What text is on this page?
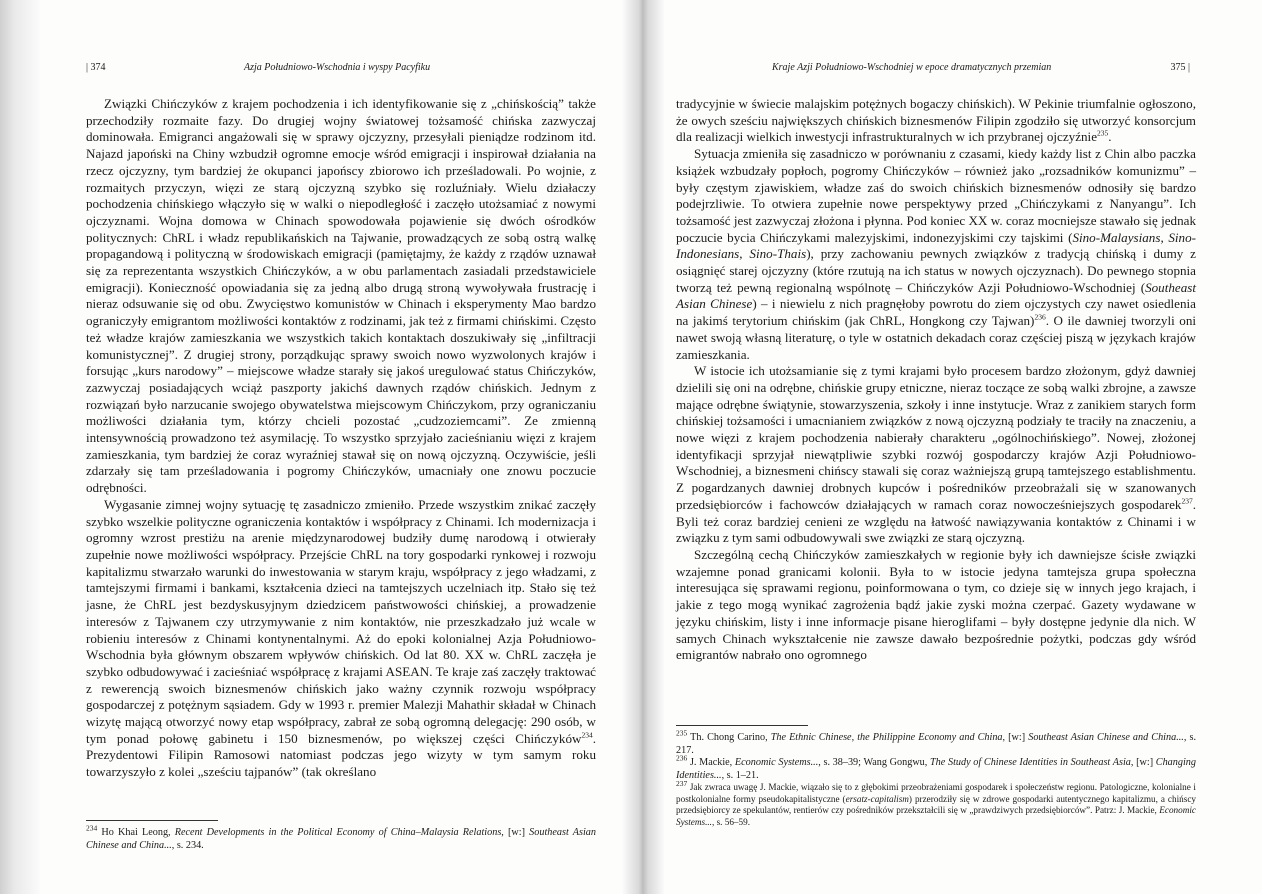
| 374	Azja Południowo-Wschodnia i wyspy Pacyfiku

Związki Chińczyków z krajem pochodzenia i ich identyfikowanie się z „chińskością” także przechodziły rozmaite fazy. Do drugiej wojny światowej tożsamość chińska zazwyczaj dominowała. Emigranci angażowali się w sprawy ojczyzny, przesyłali pieniądze rodzinom itd. Najazd japoński na Chiny wzbudził ogromne emocje wśród emigracji i inspirował działania na rzecz ojczyzny, tym bardziej że okupanci japońscy zbiorowo ich prześladowali. Po wojnie, z rozmaitych przyczyn, więzi ze starą ojczyzną szybko się rozluźniały. Wielu działaczy pochodzenia chińskiego włączyło się w walki o niepodległość i zaczęło utożsamiać z nowymi ojczyznami. Wojna domowa w Chinach spowodowała pojawienie się dwóch ośrodków politycznych: ChRL i władz republikańskich na Tajwanie, prowadzących ze sobą ostrą walkę propagandową i polityczną w środowiskach emigracji (pamiętajmy, że każdy z rządów uznawał się za reprezentanta wszystkich Chińczyków, a w obu parlamentach zasiadali przedstawiciele emigracji). Konieczność opowiadania się za jedną albo drugą stroną wywoływała frustrację i nieraz odsuwanie się od obu. Zwycięstwo komunistów w Chinach i eksperymenty Mao bardzo ograniczyły emigrantom możliwości kontaktów z rodzinami, jak też z firmami chińskimi. Często też władze krajów zamieszkania we wszystkich takich kontaktach doszukiwały się „infiltracji komunistycznej”. Z drugiej strony, porządkując sprawy swoich nowo wyzwolonych krajów i forsując „kurs narodowy” – miejscowe władze starały się jakoś uregulować status Chińczyków, zazwyczaj posiadających wciąż paszporty jakichś dawnych rządów chińskich. Jednym z rozwiązań było narzucanie swojego obywatelstwa miejscowym Chińczykom, przy ograniczaniu możliwości działania tym, którzy chcieli pozostać „cudzoziemcami”. Ze zmienną intensywnością prowadzono też asymilację. To wszystko sprzyjało zacieśnianiu więzi z krajem zamieszkania, tym bardziej że coraz wyraźniej stawał się on nową ojczyzną. Oczywiście, jeśli zdarzały się tam prześladowania i pogromy Chińczyków, umacniały one znowu poczucie odrębności.

Wygasanie zimnej wojny sytuację tę zasadniczo zmieniło. Przede wszystkim znikać zaczęły szybko wszelkie polityczne ograniczenia kontaktów i współpracy z Chinami. Ich modernizacja i ogromny wzrost prestiżu na arenie międzynarodowej budziły dumę narodową i otwierały zupełnie nowe możliwości współpracy. Przejście ChRL na tory gospodarki rynkowej i rozwoju kapitalizmu stwarzało warunki do inwestowania w starym kraju, współpracy z jego władzami, z tamtejszymi firmami i bankami, kształcenia dzieci na tamtejszych uczelniach itp. Stało się też jasne, że ChRL jest bezdyskusyjnym dziedzicem państwowości chińskiej, a prowadzenie interesów z Tajwanem czy utrzymywanie z nim kontaktów, nie przeszkadzało już wcale w robieniu interesów z Chinami kontynentalnymi. Aż do epoki kolonialnej Azja Południowo-Wschodnia była głównym obszarem wpływów chińskich. Od lat 80. XX w. ChRL zaczęła je szybko odbudowywać i zacieśniać współpracę z krajami ASEAN. Te kraje zaś zaczęły traktować z rewerencją swoich biznesmenów chińskich jako ważny czynnik rozwoju współpracy gospodarczej z potężnym sąsiadem. Gdy w 1993 r. premier Malezji Mahathir składał w Chinach wizytę mającą otworzyć nowy etap współpracy, zabrał ze sobą ogromną delegację: 290 osób, w tym ponad połowę gabinetu i 150 biznesmenów, po większej części Chińczyków$^{234}$. Prezydentowi Filipin Ramosowi natomiast podczas jego wizyty w tym samym roku towarzyszyło z kolei „sześciu tajpanów” (tak określano

$^{234}$ Ho Khai Leong, Recent Developments in the Political Economy of China–Malaysia Relations, [w:] Southeast Asian Chinese and China..., s. 234.

Kraje Azji Południowo-Wschodniej w epoce dramatycznych przemian	375 |

tradycyjnie w świecie malajskim potężnych bogaczy chińskich). W Pekinie triumfalnie ogłoszono, że owych sześciu największych chińskich biznesmenów Filipin zgodziło się utworzyć konsorcjum dla realizacji wielkich inwestycji infrastrukturalnych w ich przybranej ojczyźnie$^{235}$.

Sytuacja zmieniła się zasadniczo w porównaniu z czasami, kiedy każdy list z Chin albo paczka książek wzbudzały popłoch, pogromy Chińczyków – również jako „rozsadników komunizmu” – były częstym zjawiskiem, władze zaś do swoich chińskich biznesmenów odnosiły się bardzo podejrzliwie. To otwiera zupełnie nowe perspektywy przed „Chińczykami z Nanyangu”. Ich tożsamość jest zazwyczaj złożona i płynna. Pod koniec XX w. coraz mocniejsze stawało się jednak poczucie bycia Chińczykami malezyjskimi, indonezyjskimi czy tajskimi (Sino-Malaysians, Sino-Indonesians, Sino-Thais), przy zachowaniu pewnych związków z tradycją chińską i dumy z osiągnięć starej ojczyzny (które rzutują na ich status w nowych ojczyznach). Do pewnego stopnia tworzą też pewną regionalną wspólnotę – Chińczyków Azji Południowo-Wschodniej (Southeast Asian Chinese) – i niewielu z nich pragnęłoby powrotu do ziem ojczystych czy nawet osiedlenia na jakimś terytorium chińskim (jak ChRL, Hongkong czy Tajwan)$^{236}$. O ile dawniej tworzyli oni nawet swoją własną literaturę, o tyle w ostatnich dekadach coraz częściej piszą w językach krajów zamieszkania.

W istocie ich utożsamianie się z tymi krajami było procesem bardzo złożonym, gdyż dawniej dzielili się oni na odrębne, chińskie grupy etniczne, nieraz toczące ze sobą walki zbrojne, a zawsze mające odrębne świątynie, stowarzyszenia, szkoły i inne instytucje. Wraz z zanikiem starych form chińskiej tożsamości i umacnianiem związków z nową ojczyzną podziały te traciły na znaczeniu, a nowe więzi z krajem pochodzenia nabierały charakteru „ogólnochińskiego”. Nowej, złożonej identyfikacji sprzyjał niewątpliwie szybki rozwój gospodarczy krajów Azji Południowo-Wschodniej, a biznesmeni chińscy stawali się coraz ważniejszą grupą tamtejszego establishmentu. Z pogardzanych dawniej drobnych kupców i pośredników przeobrażali się w szanowanych przedsiębiorców i fachowców działających w ramach coraz nowocześniejszych gospodarek$^{237}$. Byli też coraz bardziej cenieni ze względu na łatwość nawiązywania kontaktów z Chinami i w związku z tym sami odbudowywali swe związki ze starą ojczyzną.

Szczególną cechą Chińczyków zamieszkałych w regionie były ich dawniejsze ścisłe związki wzajemne ponad granicami kolonii. Była to w istocie jedyna tamtejsza grupa społeczna interesująca się sprawami regionu, poinformowana o tym, co dzieje się w innych jego krajach, i jakie z tego mogą wynikać zagrożenia bądź jakie zyski można czerpać. Gazety wydawane w języku chińskim, listy i inne informacje pisane hieroglifami – były dostępne jedynie dla nich. W samych Chinach wykształcenie nie zawsze dawało bezpośrednie pożytki, podczas gdy wśród emigrantów nabrało ono ogromnego

$^{235}$ Th. Chong Carino, The Ethnic Chinese, the Philippine Economy and China, [w:] Southeast Asian Chinese and China..., s. 217.

$^{236}$ J. Mackie, Economic Systems..., s. 38–39; Wang Gongwu, The Study of Chinese Identities in Southeast Asia, [w:] Changing Identities..., s. 1–21.

$^{237}$ Jak zwraca uwagę J. Mackie, wiązało się to z głębokimi przeobrażeniami gospodarek i społeczeństw regionu. Patologiczne, kolonialne i postkolonialne formy pseudokapitalistyczne (ersatz-capitalism) przerodziły się w zdrowe gospodarki autentycznego kapitalizmu, a chińscy przedsiębiorcy ze spekulantów, rentierów czy pośredników przekształcili się w „prawdziwych przedsiębiorców”. Patrz: J. Mackie, Economic Systems..., s. 56–59.
